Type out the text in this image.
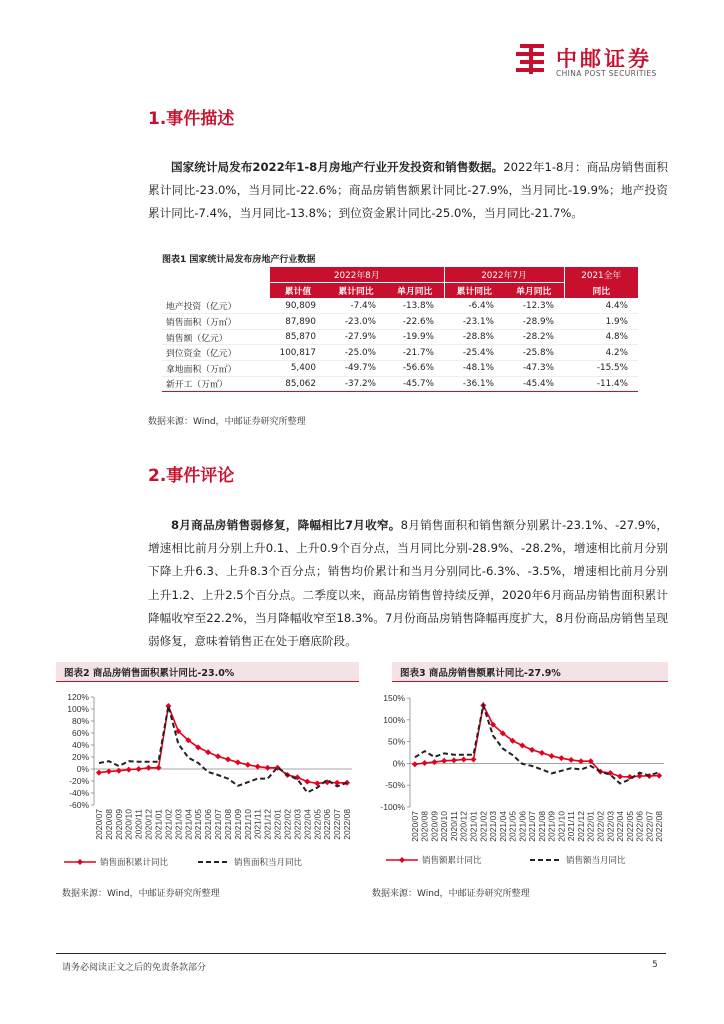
中邮证券
CHINA POST SECURITIES
1.事件描述
国家统计局发布2022年1-8月房地产行业开发投资和销售数据。2022年1-8月：商品房销售面积累计同比-23.0%，当月同比-22.6%；商品房销售额累计同比-27.9%，当月同比-19.9%；地产投资累计同比-7.4%，当月同比-13.8%；到位资金累计同比-25.0%，当月同比-21.7%。
图表1 国家统计局发布房地产行业数据
	2022年8月			2022年7月		2021全年
	累计值	累计同比	单月同比	累计同比	单月同比	同比
地产投资（亿元）	90,809	-7.4%	-13.8%	-6.4%	-12.3%	4.4%
销售面积（万㎡）	87,890	-23.0%	-22.6%	-23.1%	-28.9%	1.9%
销售额（亿元）	85,870	-27.9%	-19.9%	-28.8%	-28.2%	4.8%
到位资金（亿元）	100,817	-25.0%	-21.7%	-25.4%	-25.8%	4.2%
拿地面积（万㎡）	5,400	-49.7%	-56.6%	-48.1%	-47.3%	-15.5%
新开工（万㎡）	85,062	-37.2%	-45.7%	-36.1%	-45.4%	-11.4%
数据来源：Wind，中邮证券研究所整理
2.事件评论
8月商品房销售弱修复，降幅相比7月收窄。8月销售面积和销售额分别累计-23.1%、-27.9%，增速相比前月分别上升0.1、上升0.9个百分点，当月同比分别-28.9%、-28.2%，增速相比前月分别下降上升6.3、上升8.3个百分点；销售均价累计和当月分别同比-6.3%、-3.5%，增速相比前月分别上升1.2、上升2.5个百分点。二季度以来，商品房销售曾持续反弹，2020年6月商品房销售面积累计降幅收窄至22.2%，当月降幅收窄至18.3%。7月份商品房销售降幅再度扩大，8月份商品房销售呈现弱修复，意味着销售正在处于磨底阶段。
图表2 商品房销售面积累计同比-23.0%	图表3 商品房销售额累计同比-27.9%
120%
100%
80%
60%
40%
20%
0%
-20%
-40%
-60%
2020/07 2020/08 2020/09 2020/10 2020/11 2020/12 2021/01 2021/02 2021/03 2021/04 2021/05 2021/06 2021/07 2021/08 2021/09 2021/10 2021/11 2021/12 2022/01 2022/02 2022/03 2022/04 2022/05 2022/06 2022/07 2022/08
销售面积累计同比	销售面积当月同比
150%
100%
50%
0%
-50%
-100%
2020/07 2020/08 2020/09 2020/10 2020/11 2020/12 2021/01 2021/02 2021/03 2021/04 2021/05 2021/06 2021/07 2021/08 2021/09 2021/10 2021/11 2021/12 2022/01 2022/02 2022/03 2022/04 2022/05 2022/06 2022/07 2022/08
销售额累计同比	销售额当月同比
数据来源：Wind，中邮证券研究所整理	数据来源：Wind，中邮证券研究所整理
请务必阅读正文之后的免责条款部分	5
